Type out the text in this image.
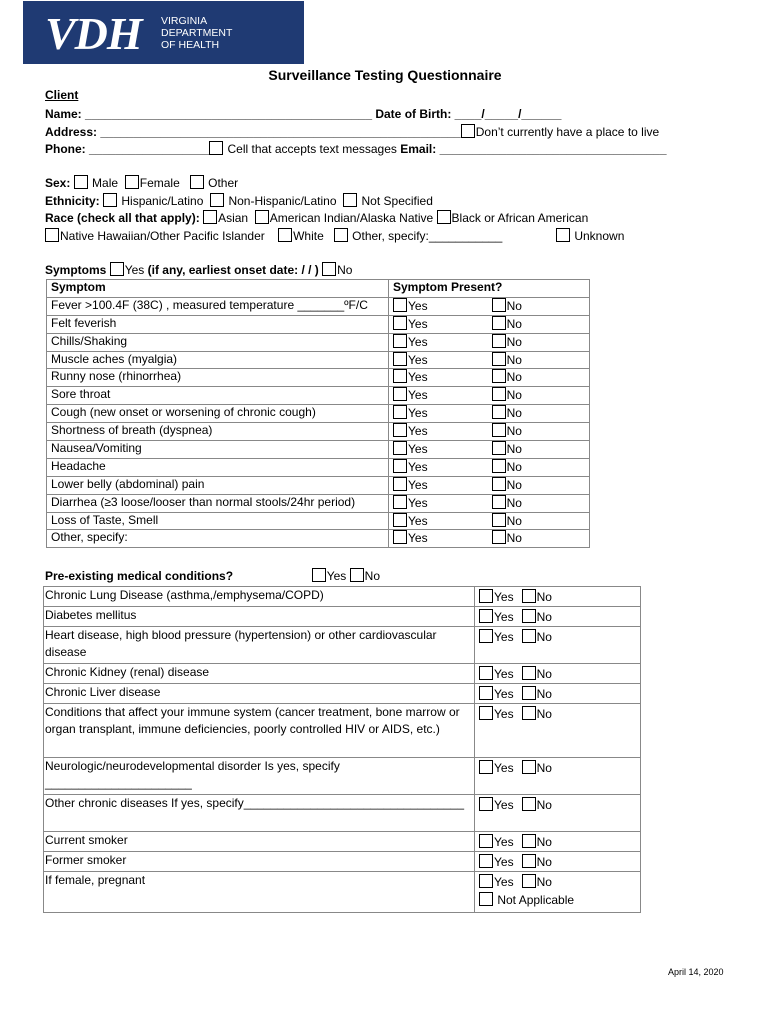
VDH VIRGINIA
DEPARTMENT
OF HEALTH
Surveillance Testing Questionnaire
Client
Name: ___________________________________________ Date of Birth: ____/_____/______
Address: ______________________________________________________ Don’t currently have a place to live
Phone: __________________ Cell that accepts text messages Email: __________________________________
Sex: Male Female Other
Ethnicity: Hispanic/Latino Non-Hispanic/Latino Not Specified
Race (check all that apply): Asian American Indian/Alaska Native Black or African American
Native Hawaiian/Other Pacific Islander White Other, specify:___________	Unknown
Symptoms Yes (if any, earliest onset date: / / ) No
Symptom	Symptom Present?
Fever >100.4F (38C) , measured temperature _______ºF/C	Yes No
Felt feverish	Yes No
Chills/Shaking	Yes No
Muscle aches (myalgia)	Yes No
Runny nose (rhinorrhea)	Yes No
Sore throat	Yes No
Cough (new onset or worsening of chronic cough)	Yes No
Shortness of breath (dyspnea)	Yes No
Nausea/Vomiting	Yes No
Headache	Yes No
Lower belly (abdominal) pain	Yes No
Diarrhea (≥3 loose/looser than normal stools/24hr period)	Yes No
Loss of Taste, Smell	Yes No
Other, specify:	Yes No
Pre-existing medical conditions?	Yes No
Chronic Lung Disease (asthma,/emphysema/COPD)	Yes No
Diabetes mellitus	Yes No
Heart disease, high blood pressure (hypertension) or other cardiovascular disease	Yes No
Chronic Kidney (renal) disease	Yes No
Chronic Liver disease	Yes No
Conditions that affect your immune system (cancer treatment, bone marrow or organ transplant, immune deficiencies, poorly controlled HIV or AIDS, etc.)	Yes No
Neurologic/neurodevelopmental disorder Is yes, specify ______________________	Yes No
Other chronic diseases If yes, specify_________________________________	Yes No
Current smoker	Yes No
Former smoker	Yes No
If female, pregnant	Yes No
Not Applicable
April 14, 2020
